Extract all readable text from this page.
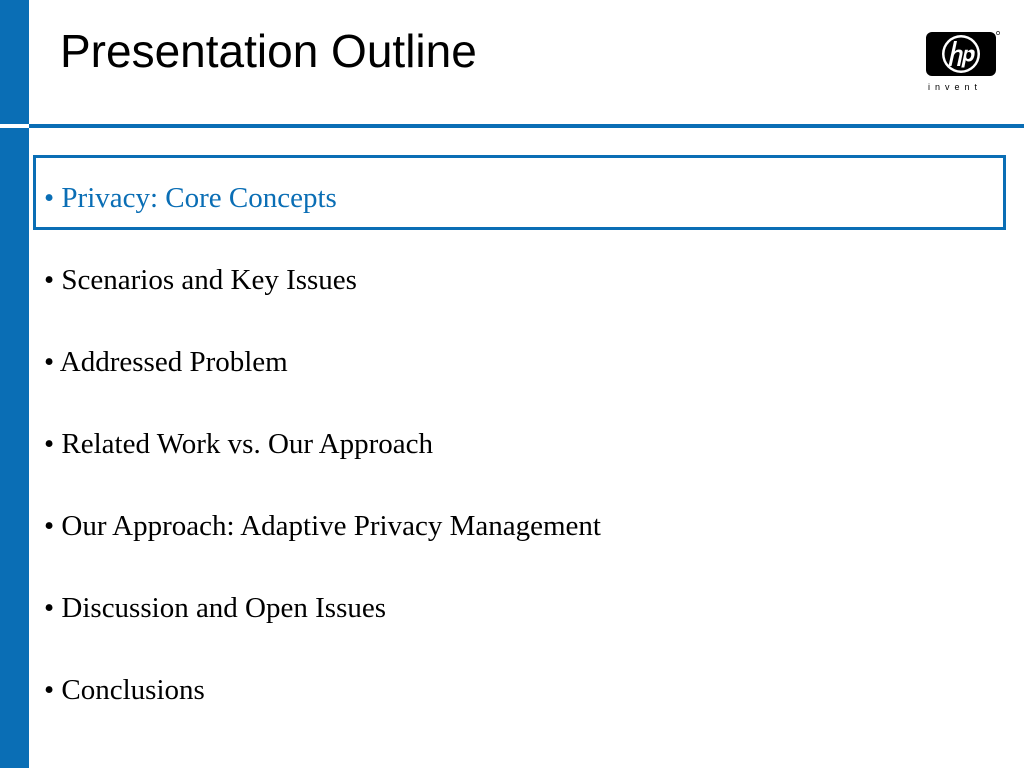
Presentation Outline
invent
• Privacy: Core Concepts
• Scenarios and Key Issues
• Addressed Problem
• Related Work vs. Our Approach
• Our Approach: Adaptive Privacy Management
• Discussion and Open Issues
• Conclusions
